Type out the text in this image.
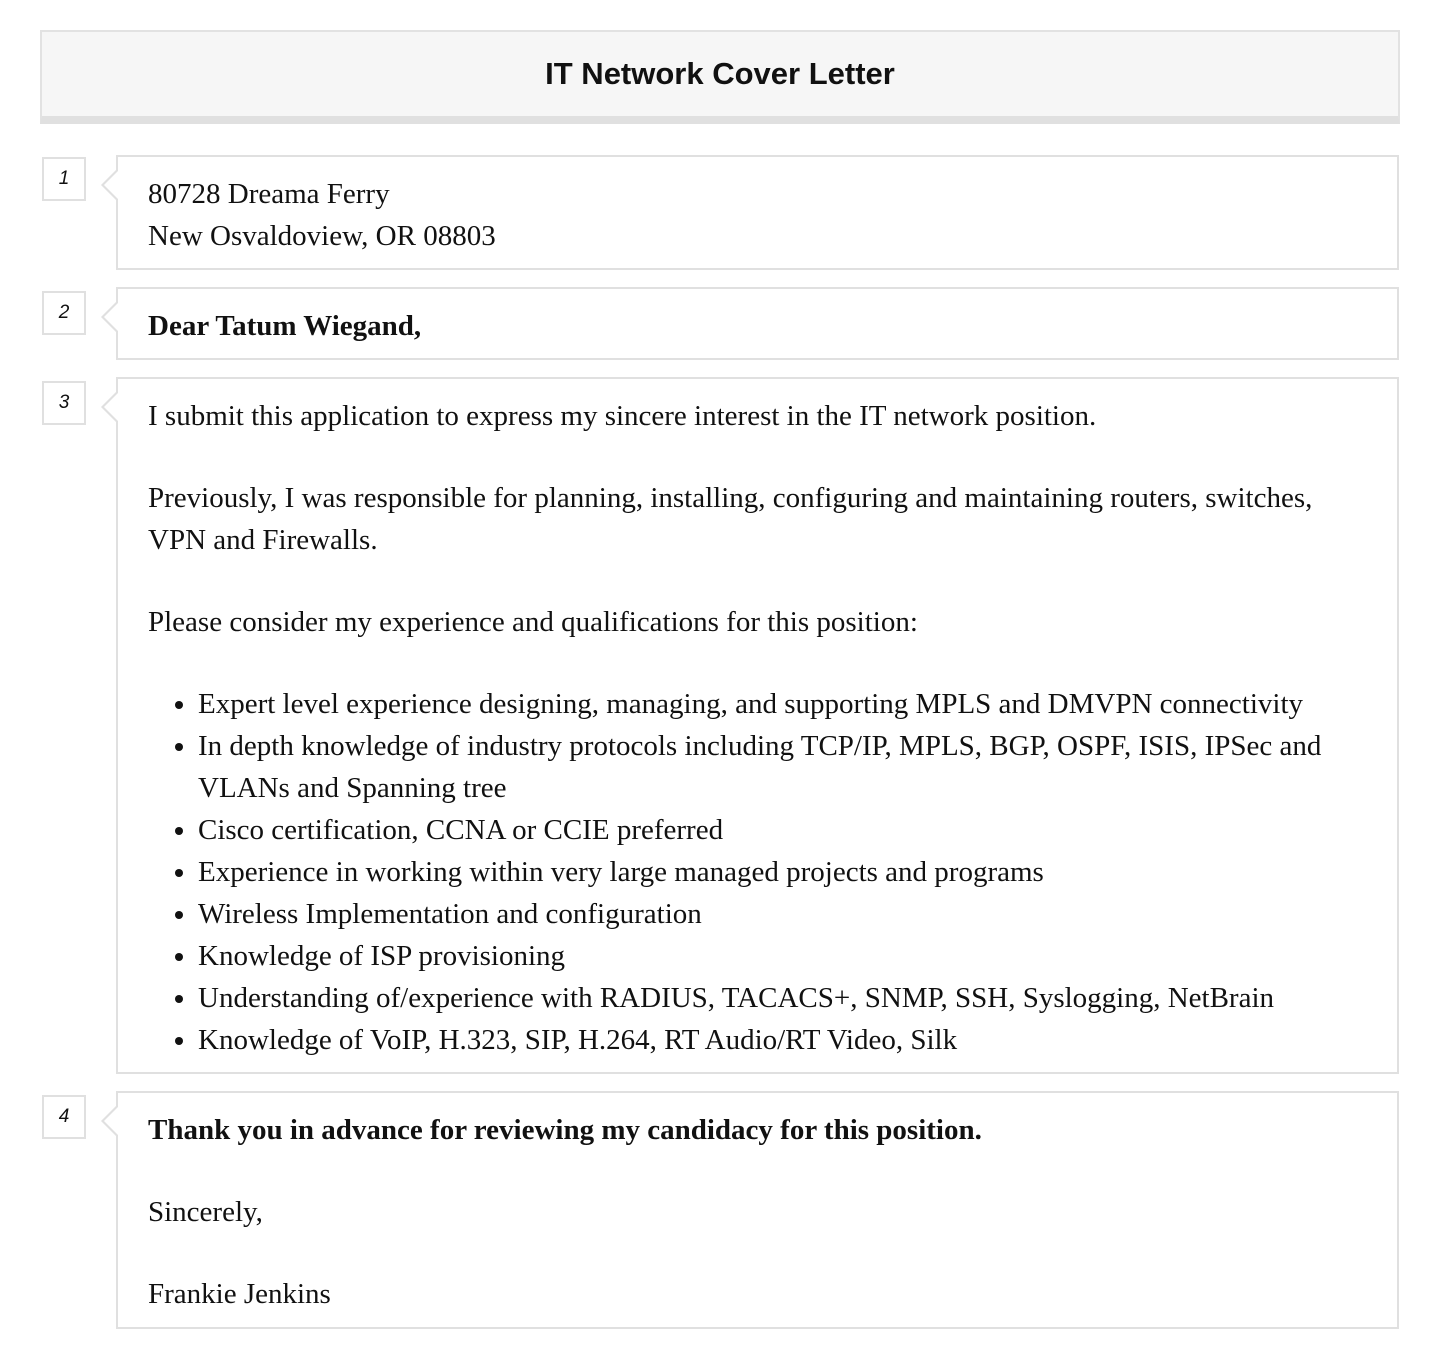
IT Network Cover Letter
1	80728 Dreama Ferry
New Osvaldoview, OR 08803
2	Dear Tatum Wiegand,
3	I submit this application to express my sincere interest in the IT network position.

Previously, I was responsible for planning, installing, configuring and maintaining routers, switches, VPN and Firewalls.

Please consider my experience and qualifications for this position:

• Expert level experience designing, managing, and supporting MPLS and DMVPN connectivity
• In depth knowledge of industry protocols including TCP/IP, MPLS, BGP, OSPF, ISIS, IPSec and VLANs and Spanning tree
• Cisco certification, CCNA or CCIE preferred
• Experience in working within very large managed projects and programs
• Wireless Implementation and configuration
• Knowledge of ISP provisioning
• Understanding of/experience with RADIUS, TACACS+, SNMP, SSH, Syslogging, NetBrain
• Knowledge of VoIP, H.323, SIP, H.264, RT Audio/RT Video, Silk
4	Thank you in advance for reviewing my candidacy for this position.

Sincerely,

Frankie Jenkins
